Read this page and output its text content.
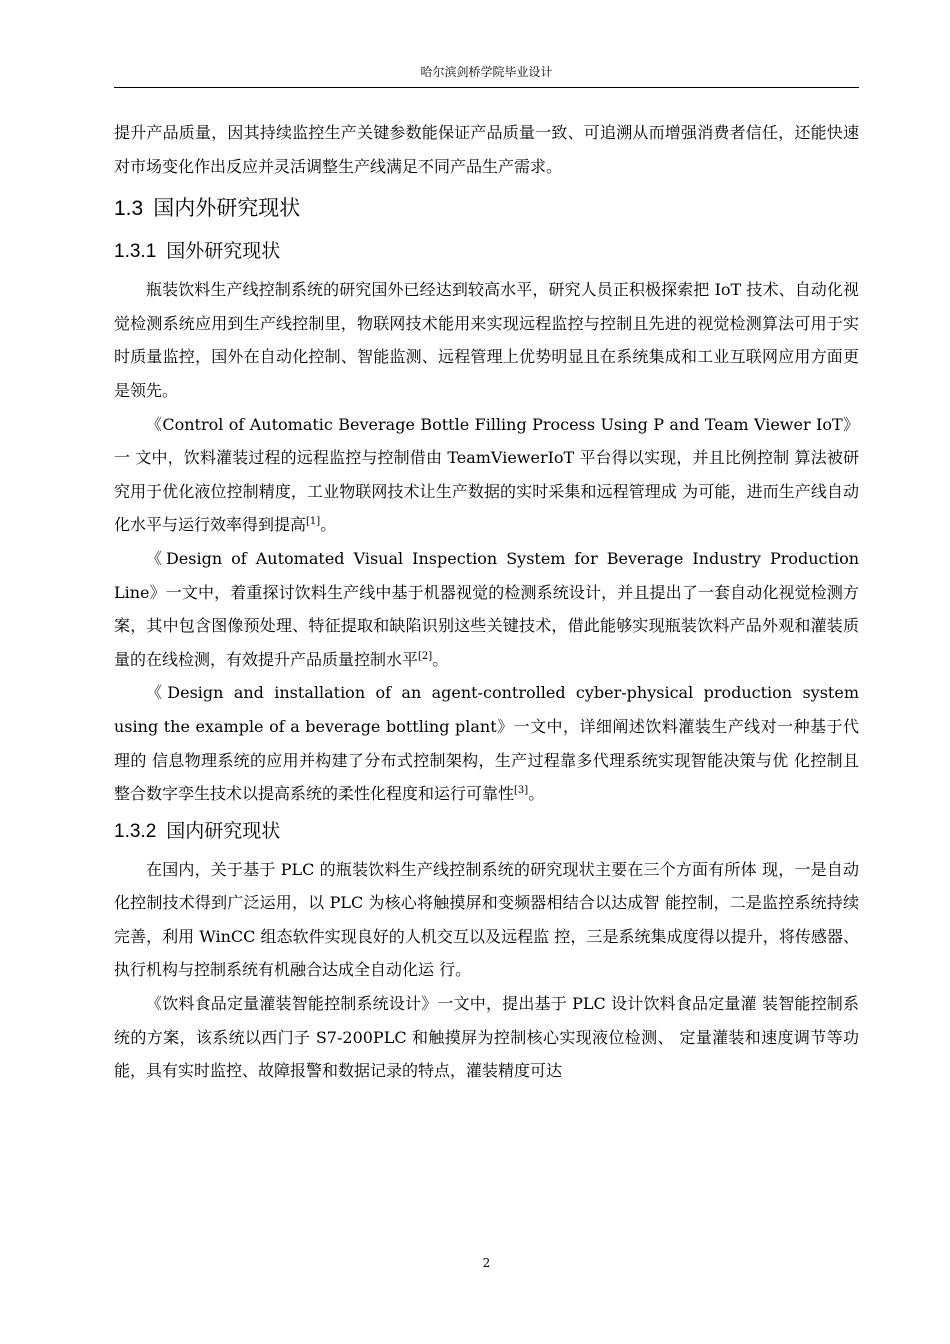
哈尔滨剑桥学院毕业设计

提升产品质量，因其持续监控生产关键参数能保证产品质量一致、可追溯从而增强消费者信任，还能快速对市场变化作出反应并灵活调整生产线满足不同产品生产需求。

1.3 国内外研究现状
1.3.1 国外研究现状

瓶装饮料生产线控制系统的研究国外已经达到较高水平，研究人员正积极探索把 IoT 技术、自动化视觉检测系统应用到生产线控制里，物联网技术能用来实现远程监控与控制且先进的视觉检测算法可用于实时质量监控，国外在自动化控制、智能监测、远程管理上优势明显且在系统集成和工业互联网应用方面更是领先。

《Control of Automatic Beverage Bottle Filling Process Using P and Team Viewer IoT》一 文中，饮料灌装过程的远程监控与控制借由 TeamViewerIoT 平台得以实现，并且比例控制 算法被研究用于优化液位控制精度，工业物联网技术让生产数据的实时采集和远程管理成 为可能，进而生产线自动化水平与运行效率得到提高[1]。

《Design of Automated Visual Inspection System for Beverage Industry Production Line》一文中，着重探讨饮料生产线中基于机器视觉的检测系统设计，并且提出了一套自动化视觉检测方案，其中包含图像预处理、特征提取和缺陷识别这些关键技术，借此能够实现瓶装饮料产品外观和灌装质量的在线检测，有效提升产品质量控制水平[2]。

《Design and installation of an agent-controlled cyber-physical production system using the example of a beverage bottling plant》一文中，详细阐述饮料灌装生产线对一种基于代理的 信息物理系统的应用并构建了分布式控制架构，生产过程靠多代理系统实现智能决策与优 化控制且整合数字孪生技术以提高系统的柔性化程度和运行可靠性[3]。

1.3.2 国内研究现状

在国内，关于基于 PLC 的瓶装饮料生产线控制系统的研究现状主要在三个方面有所体 现，一是自动化控制技术得到广泛运用，以 PLC 为核心将触摸屏和变频器相结合以达成智 能控制，二是监控系统持续完善，利用 WinCC 组态软件实现良好的人机交互以及远程监 控，三是系统集成度得以提升，将传感器、执行机构与控制系统有机融合达成全自动化运 行。

《饮料食品定量灌装智能控制系统设计》一文中，提出基于 PLC 设计饮料食品定量灌 装智能控制系统的方案，该系统以西门子 S7-200PLC 和触摸屏为控制核心实现液位检测、 定量灌装和速度调节等功能，具有实时监控、故障报警和数据记录的特点，灌装精度可达

2
